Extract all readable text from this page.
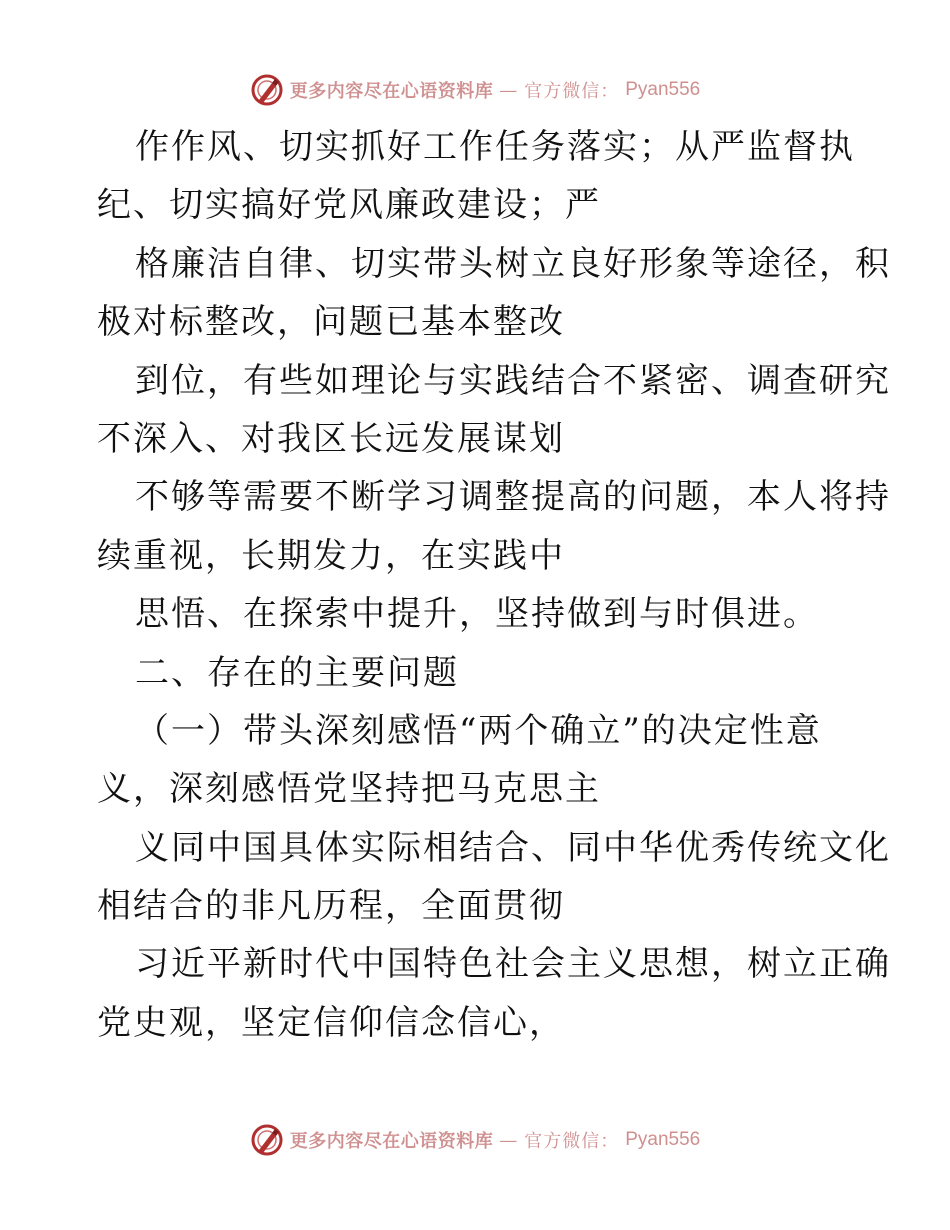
更多内容尽在心语资料库 — 官方微信： Pyan556
作作风、切实抓好工作任务落实；从严监督执
纪、切实搞好党风廉政建设；严
格廉洁自律、切实带头树立良好形象等途径，积
极对标整改，问题已基本整改
到位，有些如理论与实践结合不紧密、调查研究
不深入、对我区长远发展谋划
不够等需要不断学习调整提高的问题，本人将持
续重视，长期发力，在实践中
思悟、在探索中提升，坚持做到与时俱进。
二、存在的主要问题
（一）带头深刻感悟“两个确立”的决定性意
义，深刻感悟党坚持把马克思主
义同中国具体实际相结合、同中华优秀传统文化
相结合的非凡历程，全面贯彻
习近平新时代中国特色社会主义思想，树立正确
党史观，坚定信仰信念信心，
更多内容尽在心语资料库 — 官方微信： Pyan556
